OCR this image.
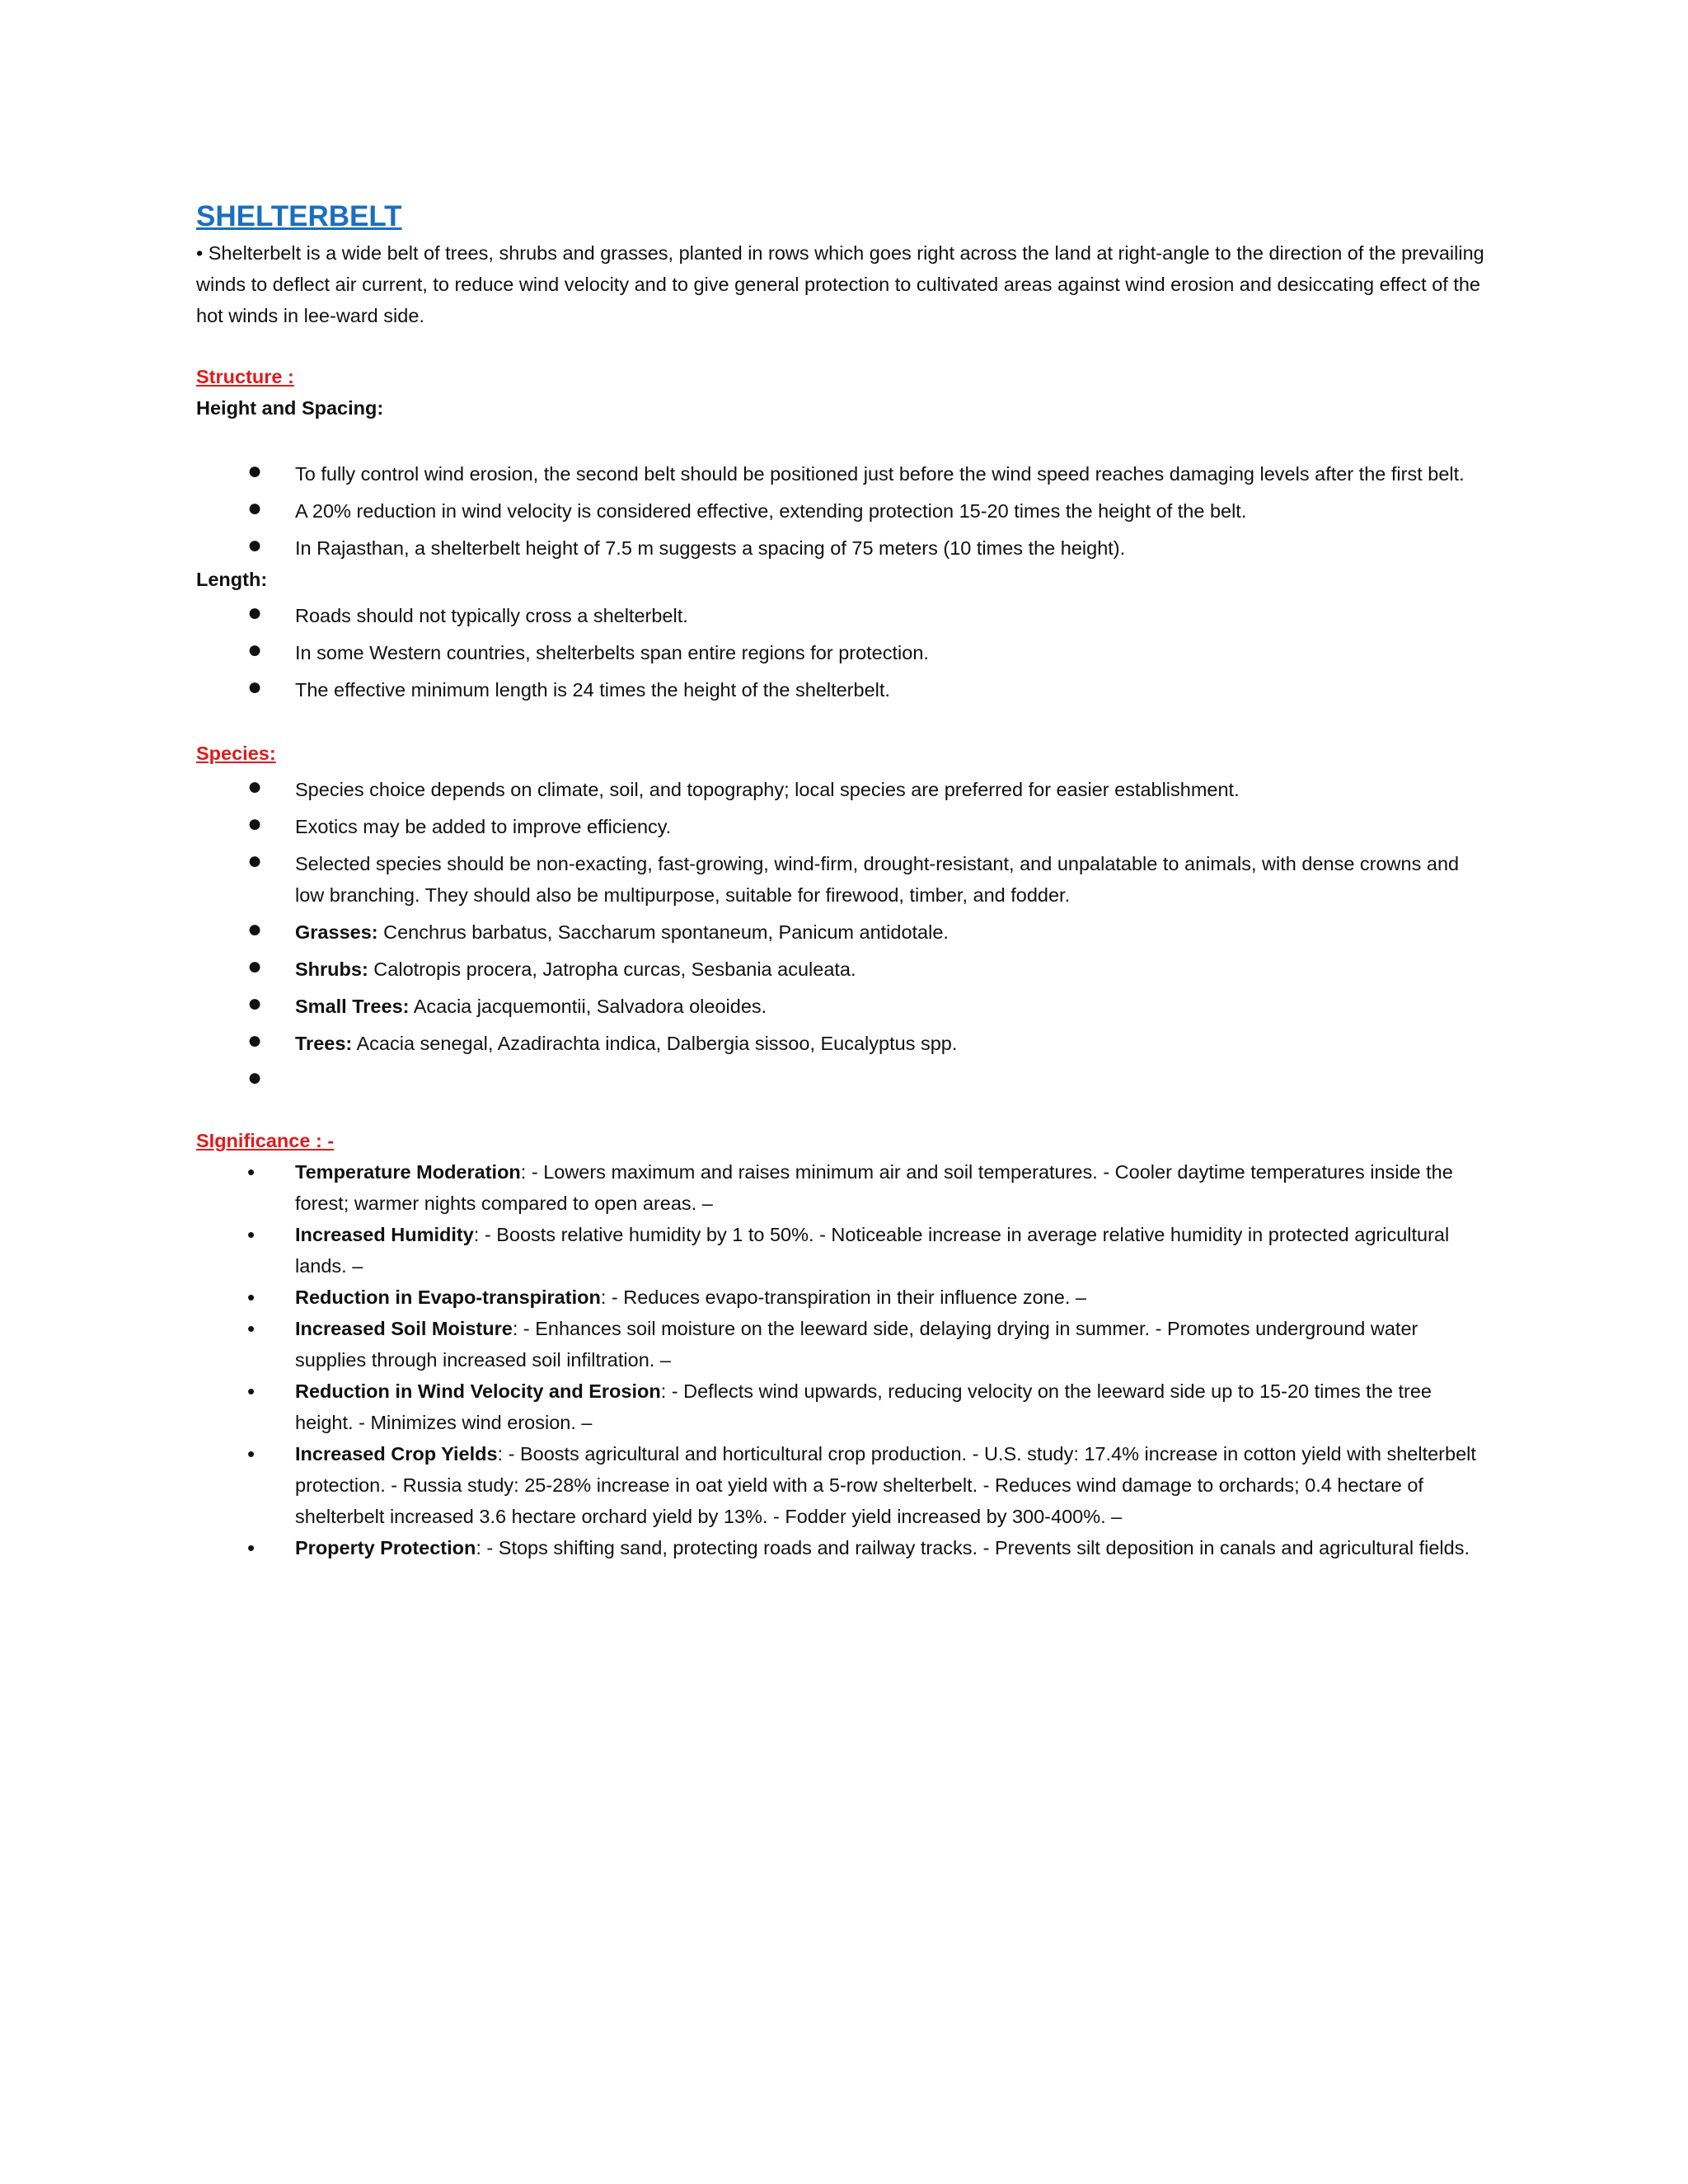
SHELTERBELT

• Shelterbelt is a wide belt of trees, shrubs and grasses, planted in rows which goes right across the land at right-angle to the direction of the prevailing winds to deflect air current, to reduce wind velocity and to give general protection to cultivated areas against wind erosion and desiccating effect of the hot winds in lee-ward side.

Structure :

Height and Spacing:

● To fully control wind erosion, the second belt should be positioned just before the wind speed reaches damaging levels after the first belt.
● A 20% reduction in wind velocity is considered effective, extending protection 15-20 times the height of the belt.
● In Rajasthan, a shelterbelt height of 7.5 m suggests a spacing of 75 meters (10 times the height).

Length:

● Roads should not typically cross a shelterbelt.
● In some Western countries, shelterbelts span entire regions for protection.
● The effective minimum length is 24 times the height of the shelterbelt.

Species:

● Species choice depends on climate, soil, and topography; local species are preferred for easier establishment.
● Exotics may be added to improve efficiency.
● Selected species should be non-exacting, fast-growing, wind-firm, drought-resistant, and unpalatable to animals, with dense crowns and low branching. They should also be multipurpose, suitable for firewood, timber, and fodder.
● Grasses: Cenchrus barbatus, Saccharum spontaneum, Panicum antidotale.
● Shrubs: Calotropis procera, Jatropha curcas, Sesbania aculeata.
● Small Trees: Acacia jacquemontii, Salvadora oleoides.
● Trees: Acacia senegal, Azadirachta indica, Dalbergia sissoo, Eucalyptus spp.
●

SIgnificance : -

• Temperature Moderation: - Lowers maximum and raises minimum air and soil temperatures. - Cooler daytime temperatures inside the forest; warmer nights compared to open areas. –
• Increased Humidity: - Boosts relative humidity by 1 to 50%. - Noticeable increase in average relative humidity in protected agricultural lands. –
• Reduction in Evapo-transpiration: - Reduces evapo-transpiration in their influence zone. –
• Increased Soil Moisture: - Enhances soil moisture on the leeward side, delaying drying in summer. - Promotes underground water supplies through increased soil infiltration. –
• Reduction in Wind Velocity and Erosion: - Deflects wind upwards, reducing velocity on the leeward side up to 15-20 times the tree height. - Minimizes wind erosion. –
• Increased Crop Yields: - Boosts agricultural and horticultural crop production. - U.S. study: 17.4% increase in cotton yield with shelterbelt protection. - Russia study: 25-28% increase in oat yield with a 5-row shelterbelt. - Reduces wind damage to orchards; 0.4 hectare of shelterbelt increased 3.6 hectare orchard yield by 13%. - Fodder yield increased by 300-400%. –
• Property Protection: - Stops shifting sand, protecting roads and railway tracks. - Prevents silt deposition in canals and agricultural fields.
